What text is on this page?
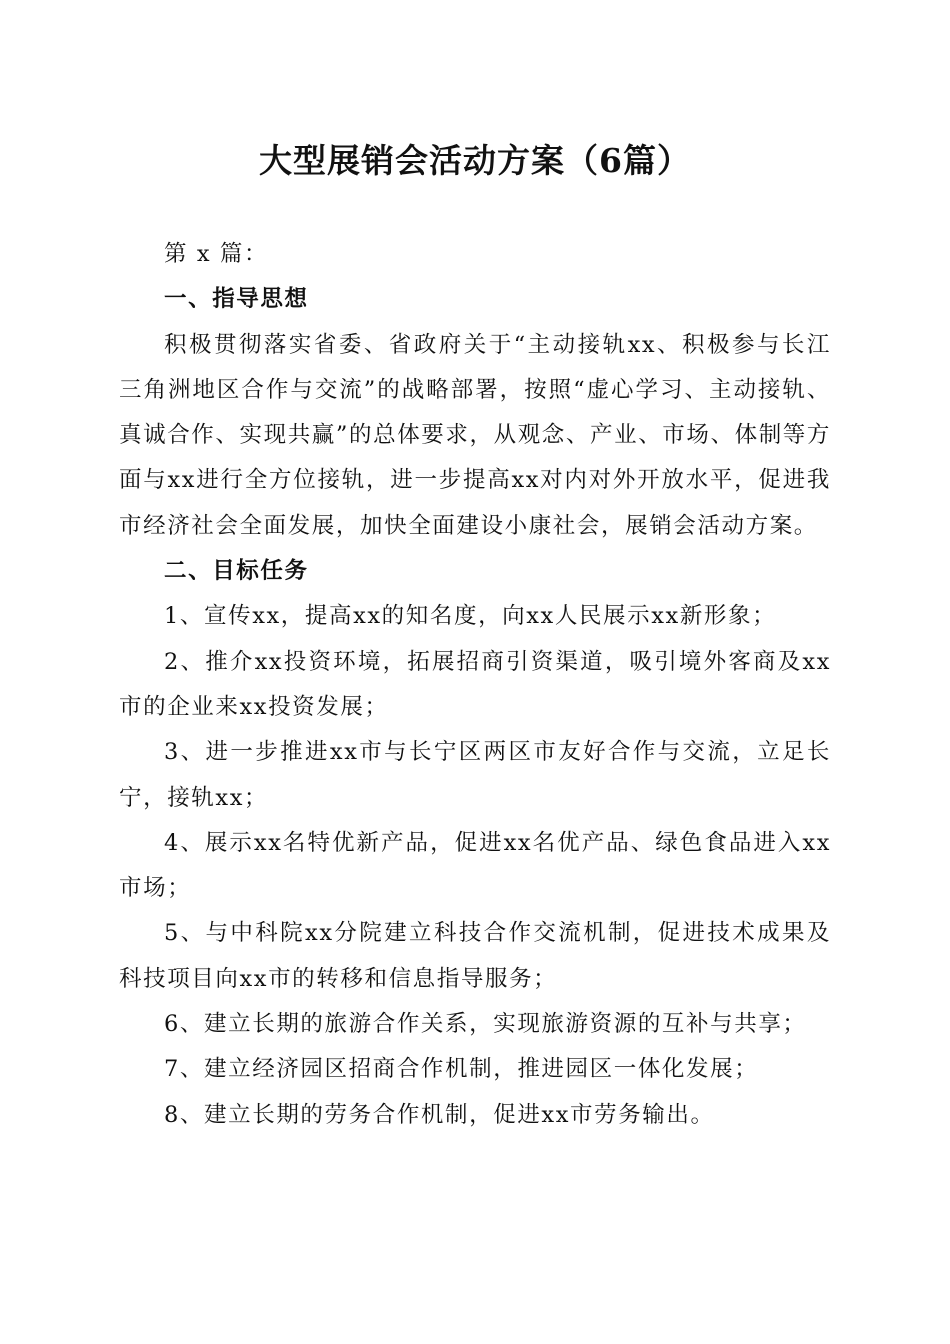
大型展销会活动方案（6篇）

第 x 篇：

一、指导思想

积极贯彻落实省委、省政府关于“主动接轨xx、积极参与长江三角洲地区合作与交流”的战略部署，按照“虚心学习、主动接轨、真诚合作、实现共赢”的总体要求，从观念、产业、市场、体制等方面与xx进行全方位接轨，进一步提高xx对内对外开放水平，促进我市经济社会全面发展，加快全面建设小康社会，展销会活动方案。

二、目标任务

1、宣传xx，提高xx的知名度，向xx人民展示xx新形象；

2、推介xx投资环境，拓展招商引资渠道，吸引境外客商及xx市的企业来xx投资发展；

3、进一步推进xx市与长宁区两区市友好合作与交流，立足长宁，接轨xx；

4、展示xx名特优新产品，促进xx名优产品、绿色食品进入xx市场；

5、与中科院xx分院建立科技合作交流机制，促进技术成果及科技项目向xx市的转移和信息指导服务；

6、建立长期的旅游合作关系，实现旅游资源的互补与共享；

7、建立经济园区招商合作机制，推进园区一体化发展；

8、建立长期的劳务合作机制，促进xx市劳务输出。
